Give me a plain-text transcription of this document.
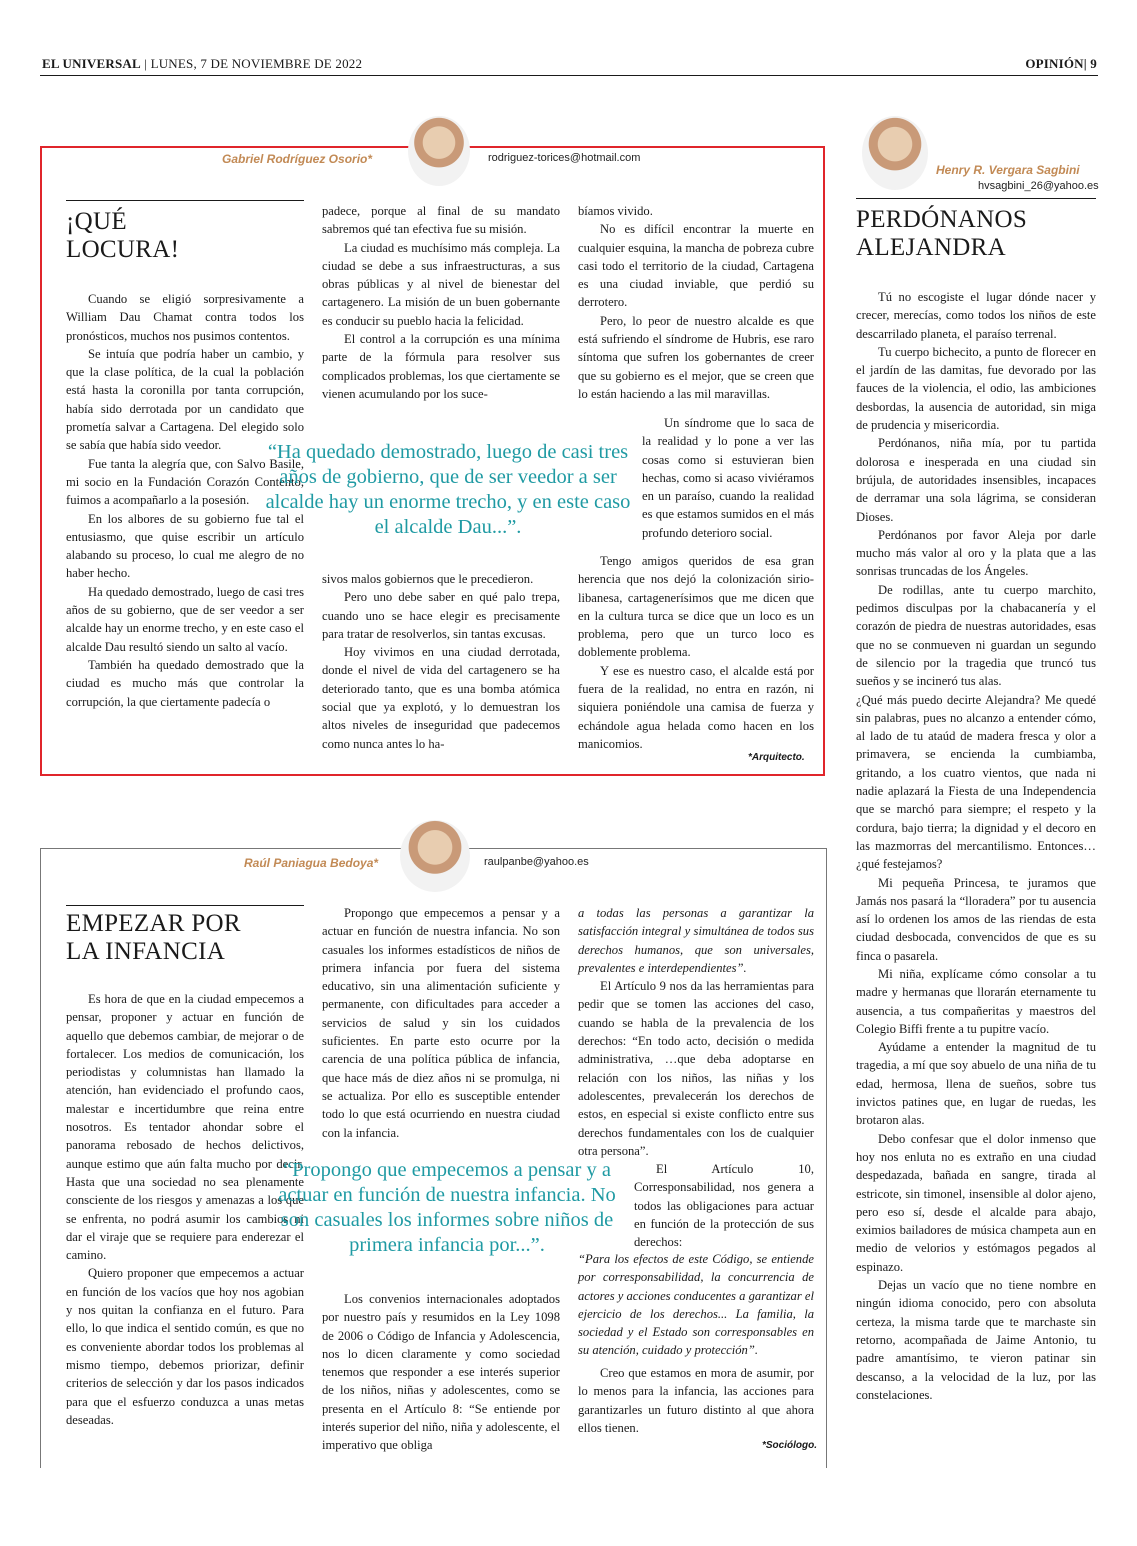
EL UNIVERSAL | LUNES, 7 DE NOVIEMBRE DE 2022	OPINIÓN| 9
Gabriel Rodríguez Osorio*	rodriguez-torices@hotmail.com
¡QUÉ
LOCURA!

Cuando se eligió sorpresivamente a William Dau Chamat contra todos los pronósticos, muchos nos pusimos contentos.

Se intuía que podría haber un cambio, y que la clase política, de la cual la población está hasta la coronilla por tanta corrupción, había sido derrotada por un candidato que prometía salvar a Cartagena. Del elegido solo se sabía que había sido veedor.

Fue tanta la alegría que, con Salvo Basile, mi socio en la Fundación Corazón Contento, fuimos a acompañarlo a la posesión.

En los albores de su gobierno fue tal el entusiasmo, que quise escribir un artículo alabando su proceso, lo cual me alegro de no haber hecho.

Ha quedado demostrado, luego de casi tres años de su gobierno, que de ser veedor a ser alcalde hay un enorme trecho, y en este caso el alcalde Dau resultó siendo un salto al vacío.

También ha quedado demostrado que la ciudad es mucho más que controlar la corrupción, la que ciertamente padecía o

padece, porque al final de su mandato sabremos qué tan efectiva fue su misión.

La ciudad es muchísimo más compleja. La ciudad se debe a sus infraestructuras, a sus obras públicas y al nivel de bienestar del cartagenero. La misión de un buen gobernante es conducir su pueblo hacia la felicidad.

El control a la corrupción es una mínima parte de la fórmula para resolver sus complicados problemas, los que ciertamente se vienen acumulando por los suce-

sivos malos gobiernos que le precedieron.

Pero uno debe saber en qué palo trepa, cuando uno se hace elegir es precisamente para tratar de resolverlos, sin tantas excusas.

Hoy vivimos en una ciudad derrotada, donde el nivel de vida del cartagenero se ha deteriorado tanto, que es una bomba atómica social que ya explotó, y lo demuestran los altos niveles de inseguridad que padecemos como nunca antes lo ha-

bíamos vivido.

No es difícil encontrar la muerte en cualquier esquina, la mancha de pobreza cubre casi todo el territorio de la ciudad, Cartagena es una ciudad inviable, que perdió su derrotero.

Pero, lo peor de nuestro alcalde es que está sufriendo el síndrome de Hubris, ese raro síntoma que sufren los gobernantes de creer que su gobierno es el mejor, que se creen que lo están haciendo a las mil maravillas.

Un síndrome que lo saca de la realidad y lo pone a ver las cosas como si estuvieran bien hechas, como si acaso viviéramos en un paraíso, cuando la realidad es que estamos sumidos en el más profundo deterioro social.

Tengo amigos queridos de esa gran herencia que nos dejó la colonización sirio-libanesa, cartagenerísimos que me dicen que en la cultura turca se dice que un loco es un problema, pero que un turco loco es doblemente problema.

Y ese es nuestro caso, el alcalde está por fuera de la realidad, no entra en razón, ni siquiera poniéndole una camisa de fuerza y echándole agua helada como hacen en los manicomios.

“Ha quedado demostrado, luego de casi tres años de gobierno, que de ser veedor a ser alcalde hay un enorme trecho, y en este caso el alcalde Dau...”.
*Arquitecto.
Raúl Paniagua Bedoya*	raulpanbe@yahoo.es
EMPEZAR POR
LA INFANCIA

Es hora de que en la ciudad empecemos a pensar, proponer y actuar en función de aquello que debemos cambiar, de mejorar o de fortalecer. Los medios de comunicación, los periodistas y columnistas han llamado la atención, han evidenciado el profundo caos, malestar e incertidumbre que reina entre nosotros. Es tentador ahondar sobre el panorama rebosado de hechos delictivos, aunque estimo que aún falta mucho por decir. Hasta que una sociedad no sea plenamente consciente de los riesgos y amenazas a los que se enfrenta, no podrá asumir los cambios ni dar el viraje que se requiere para enderezar el camino.

Quiero proponer que empecemos a actuar en función de los vacíos que hoy nos agobian y nos quitan la confianza en el futuro. Para ello, lo que indica el sentido común, es que no es conveniente abordar todos los problemas al mismo tiempo, debemos priorizar, definir criterios de selección y dar los pasos indicados para que el esfuerzo conduzca a unas metas deseadas.

Propongo que empecemos a pensar y a actuar en función de nuestra infancia. No son casuales los informes estadísticos de niños de primera infancia por fuera del sistema educativo, sin una alimentación suficiente y permanente, con dificultades para acceder a servicios de salud y sin los cuidados suficientes. En parte esto ocurre por la carencia de una política pública de infancia, que hace más de diez años ni se promulga, ni se actualiza. Por ello es susceptible entender todo lo que está ocurriendo en nuestra ciudad con la infancia.

Los convenios internacionales adoptados por nuestro país y resumidos en la Ley 1098 de 2006 o Código de Infancia y Adolescencia, nos lo dicen claramente y como sociedad tenemos que responder a ese interés superior de los niños, niñas y adolescentes, como se presenta en el Artículo 8: “Se entiende por interés superior del niño, niña y adolescente, el imperativo que obliga

a todas las personas a garantizar la satisfacción integral y simultánea de todos sus derechos humanos, que son universales, prevalentes e interdependientes”.

El Artículo 9 nos da las herramientas para pedir que se tomen las acciones del caso, cuando se habla de la prevalencia de los derechos: “En todo acto, decisión o medida administrativa, …que deba adoptarse en relación con los niños, las niñas y los adolescentes, prevalecerán los derechos de estos, en especial si existe conflicto entre sus derechos fundamentales con los de cualquier otra persona”.

El Artículo 10, Corresponsabilidad, nos genera a todos las obligaciones para actuar en función de la protección de sus derechos:

“Para los efectos de este Código, se entiende por corresponsabilidad, la concurrencia de actores y acciones conducentes a garantizar el ejercicio de los derechos... La familia, la sociedad y el Estado son corresponsables en su atención, cuidado y protección”.

Creo que estamos en mora de asumir, por lo menos para la infancia, las acciones para garantizarles un futuro distinto al que ahora ellos tienen.

“Propongo que empecemos a pensar y a actuar en función de nuestra infancia. No son casuales los informes sobre niños de primera infancia por...”.
*Sociólogo.
Henry R. Vergara Sagbini
hvsagbini_26@yahoo.es
PERDÓNANOS
ALEJANDRA

Tú no escogiste el lugar dónde nacer y crecer, merecías, como todos los niños de este descarrilado planeta, el paraíso terrenal.

Tu cuerpo bichecito, a punto de florecer en el jardín de las damitas, fue devorado por las fauces de la violencia, el odio, las ambiciones desbordas, la ausencia de autoridad, sin miga de prudencia y misericordia.

Perdónanos, niña mía, por tu partida dolorosa e inesperada en una ciudad sin brújula, de autoridades insensibles, incapaces de derramar una sola lágrima, se consideran Dioses.

Perdónanos por favor Aleja por darle mucho más valor al oro y la plata que a las sonrisas truncadas de los Ángeles.

De rodillas, ante tu cuerpo marchito, pedimos disculpas por la chabacanería y el corazón de piedra de nuestras autoridades, esas que no se conmueven ni guardan un segundo de silencio por la tragedia que truncó tus sueños y se incineró tus alas.

¿Qué más puedo decirte Alejandra? Me quedé sin palabras, pues no alcanzo a entender cómo, al lado de tu ataúd de madera fresca y olor a primavera, se encienda la cumbiamba, gritando, a los cuatro vientos, que nada ni nadie aplazará la Fiesta de una Independencia que se marchó para siempre; el respeto y la cordura, bajo tierra; la dignidad y el decoro en las mazmorras del mercantilismo. Entonces… ¿qué festejamos?

Mi pequeña Princesa, te juramos que Jamás nos pasará la “lloradera” por tu ausencia así lo ordenen los amos de las riendas de esta ciudad desbocada, convencidos de que es su finca o pasarela.

Mi niña, explícame cómo consolar a tu madre y hermanas que llorarán eternamente tu ausencia, a tus compañeritas y maestros del Colegio Biffi frente a tu pupitre vacío.

Ayúdame a entender la magnitud de tu tragedia, a mí que soy abuelo de una niña de tu edad, hermosa, llena de sueños, sobre tus invictos patines que, en lugar de ruedas, les brotaron alas.

Debo confesar que el dolor inmenso que hoy nos enluta no es extraño en una ciudad despedazada, bañada en sangre, tirada al estricote, sin timonel, insensible al dolor ajeno, pero eso sí, desde el alcalde para abajo, eximios bailadores de música champeta aun en medio de velorios y estómagos pegados al espinazo.

Dejas un vacío que no tiene nombre en ningún idioma conocido, pero con absoluta certeza, la misma tarde que te marchaste sin retorno, acompañada de Jaime Antonio, tu padre amantísimo, te vieron patinar sin descanso, a la velocidad de la luz, por las constelaciones.
